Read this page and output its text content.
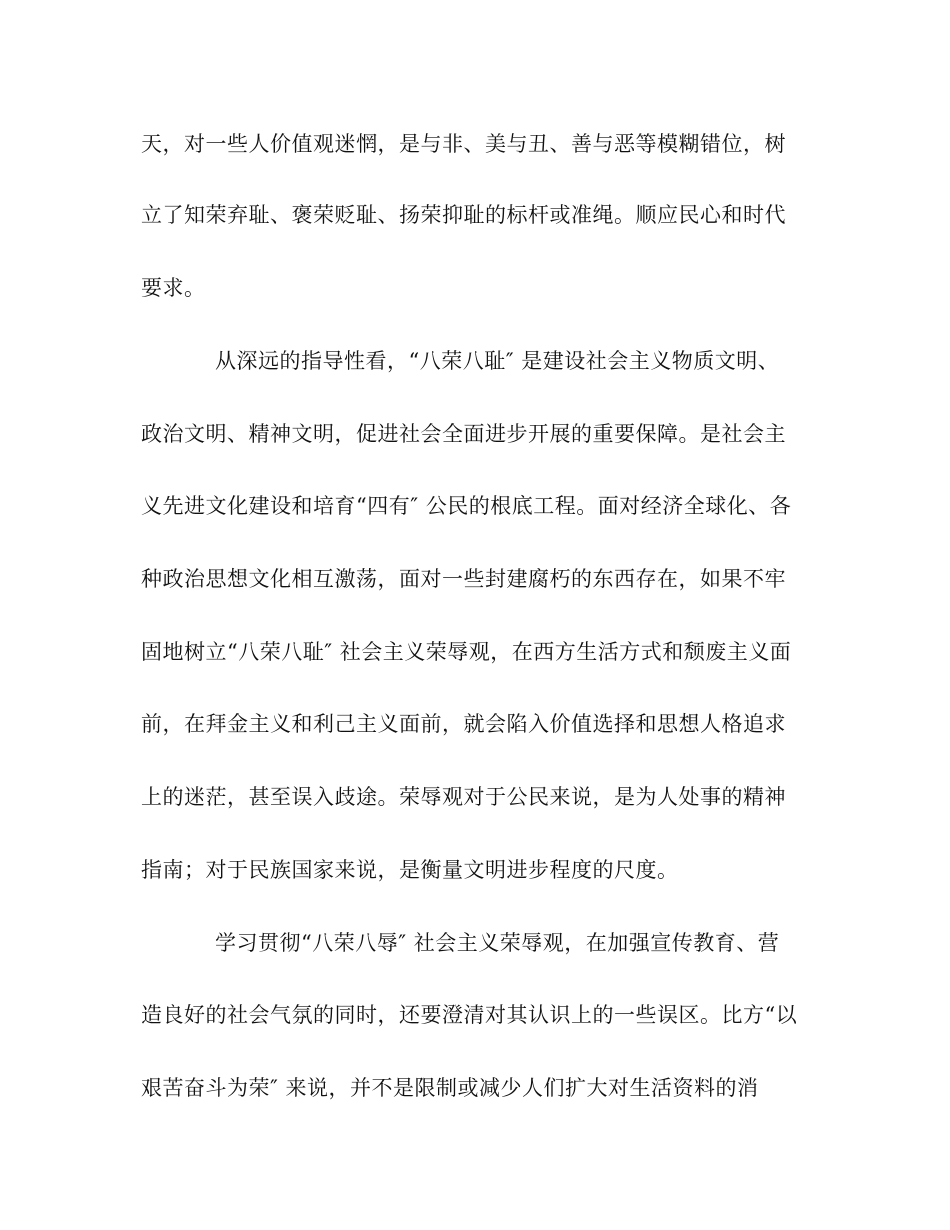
天，对一些人价值观迷惘，是与非、美与丑、善与恶等模糊错位，树
立了知荣弃耻、褒荣贬耻、扬荣抑耻的标杆或准绳。顺应民心和时代
要求。
从深远的指导性看，“八荣八耻″ 是建设社会主义物质文明、
政治文明、精神文明，促进社会全面进步开展的重要保障。是社会主
义先进文化建设和培育“四有″ 公民的根底工程。面对经济全球化、各
种政治思想文化相互激荡，面对一些封建腐朽的东西存在，如果不牢
固地树立“八荣八耻″ 社会主义荣辱观，在西方生活方式和颓废主义面
前，在拜金主义和利己主义面前，就会陷入价值选择和思想人格追求
上的迷茫，甚至误入歧途。荣辱观对于公民来说，是为人处事的精神
指南；对于民族国家来说，是衡量文明进步程度的尺度。
学习贯彻“八荣八辱″ 社会主义荣辱观，在加强宣传教育、营
造良好的社会气氛的同时，还要澄清对其认识上的一些误区。比方“以
艰苦奋斗为荣″ 来说，并不是限制或减少人们扩大对生活资料的消
